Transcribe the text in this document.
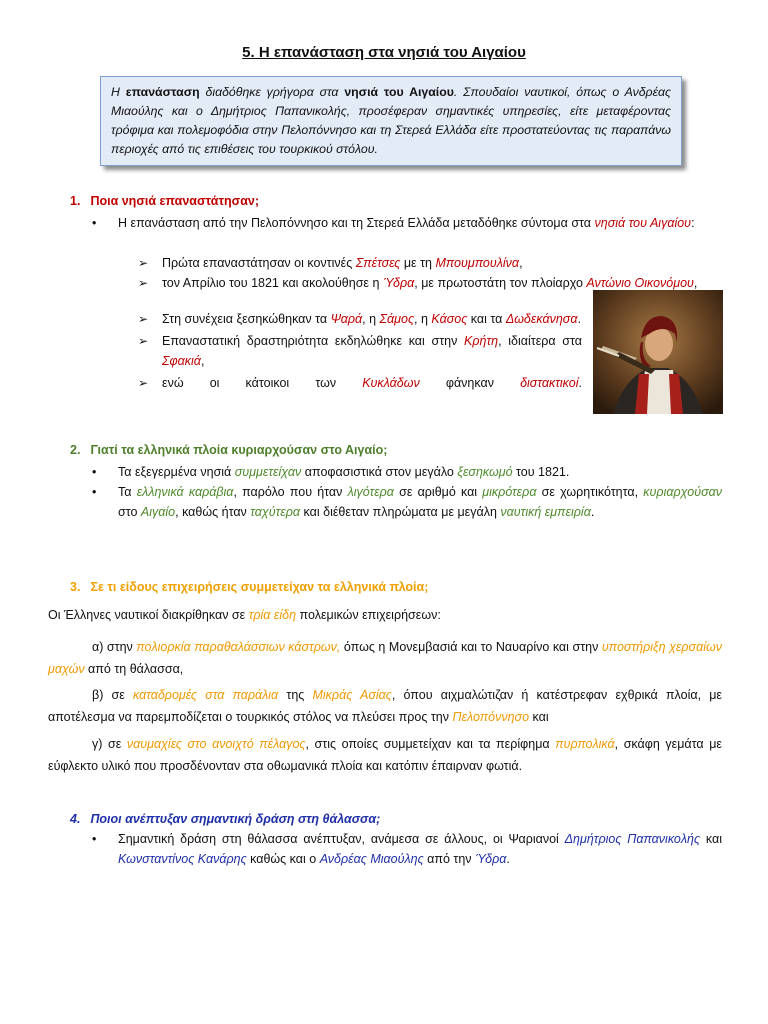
5. Η επανάσταση στα νησιά του Αιγαίου
Η επανάσταση διαδόθηκε γρήγορα στα νησιά του Αιγαίου. Σπουδαίοι ναυτικοί, όπως ο Ανδρέας Μιαούλης και ο Δημήτριος Παπανικολής, προσέφεραν σημαντικές υπηρεσίες, είτε μεταφέροντας τρόφιμα και πολεμοφόδια στην Πελοπόννησο και τη Στερεά Ελλάδα είτε προστατεύοντας τις παραπάνω περιοχές από τις επιθέσεις του τουρκικού στόλου.
1. Ποια νησιά επαναστάτησαν;
• Η επανάσταση από την Πελοπόννησο και τη Στερεά Ελλάδα μεταδόθηκε σύντομα στα νησιά του Αιγαίου:
➢ Πρώτα επαναστάτησαν οι κοντινές Σπέτσες με τη Μπουμπουλίνα,
➢ τον Απρίλιο του 1821 και ακολούθησε η Ύδρα, με πρωτοστάτη τον πλοίαρχο Αντώνιο Οικονόμου,
➢ Στη συνέχεια ξεσηκώθηκαν τα Ψαρά, η Σάμος, η Κάσος και τα Δωδεκάνησα.
➢ Επαναστατική δραστηριότητα εκδηλώθηκε και στην Κρήτη, ιδιαίτερα στα Σφακιά,
➢ ενώ οι κάτοικοι των Κυκλάδων φάνηκαν διστακτικοί.
2. Γιατί τα ελληνικά πλοία κυριαρχούσαν στο Αιγαίο;
• Τα εξεγερμένα νησιά συμμετείχαν αποφασιστικά στον μεγάλο ξεσηκωμό του 1821.
• Τα ελληνικά καράβια, παρόλο που ήταν λιγότερα σε αριθμό και μικρότερα σε χωρητικότητα, κυριαρχούσαν στο Αιγαίο, καθώς ήταν ταχύτερα και διέθεταν πληρώματα με μεγάλη ναυτική εμπειρία.
3. Σε τι είδους επιχειρήσεις συμμετείχαν τα ελληνικά πλοία;
Οι Έλληνες ναυτικοί διακρίθηκαν σε τρία είδη πολεμικών επιχειρήσεων:
α) στην πολιορκία παραθαλάσσιων κάστρων, όπως η Μονεμβασιά και το Ναυαρίνο και στην υποστήριξη χερσαίων μαχών από τη θάλασσα,
β) σε καταδρομές στα παράλια της Μικράς Ασίας, όπου αιχμαλώτιζαν ή κατέστρεφαν εχθρικά πλοία, με αποτέλεσμα να παρεμποδίζεται ο τουρκικός στόλος να πλεύσει προς την Πελοπόννησο και
γ) σε ναυμαχίες στο ανοιχτό πέλαγος, στις οποίες συμμετείχαν και τα περίφημα πυρπολικά, σκάφη γεμάτα με εύφλεκτο υλικό που προσδένονταν στα οθωμανικά πλοία και κατόπιν έπαιρναν φωτιά.
4. Ποιοι ανέπτυξαν σημαντική δράση στη θάλασσα;
• Σημαντική δράση στη θάλασσα ανέπτυξαν, ανάμεσα σε άλλους, οι Ψαριανοί Δημήτριος Παπανικολής και Κωνσταντίνος Κανάρης καθώς και ο Ανδρέας Μιαούλης από την Ύδρα.
